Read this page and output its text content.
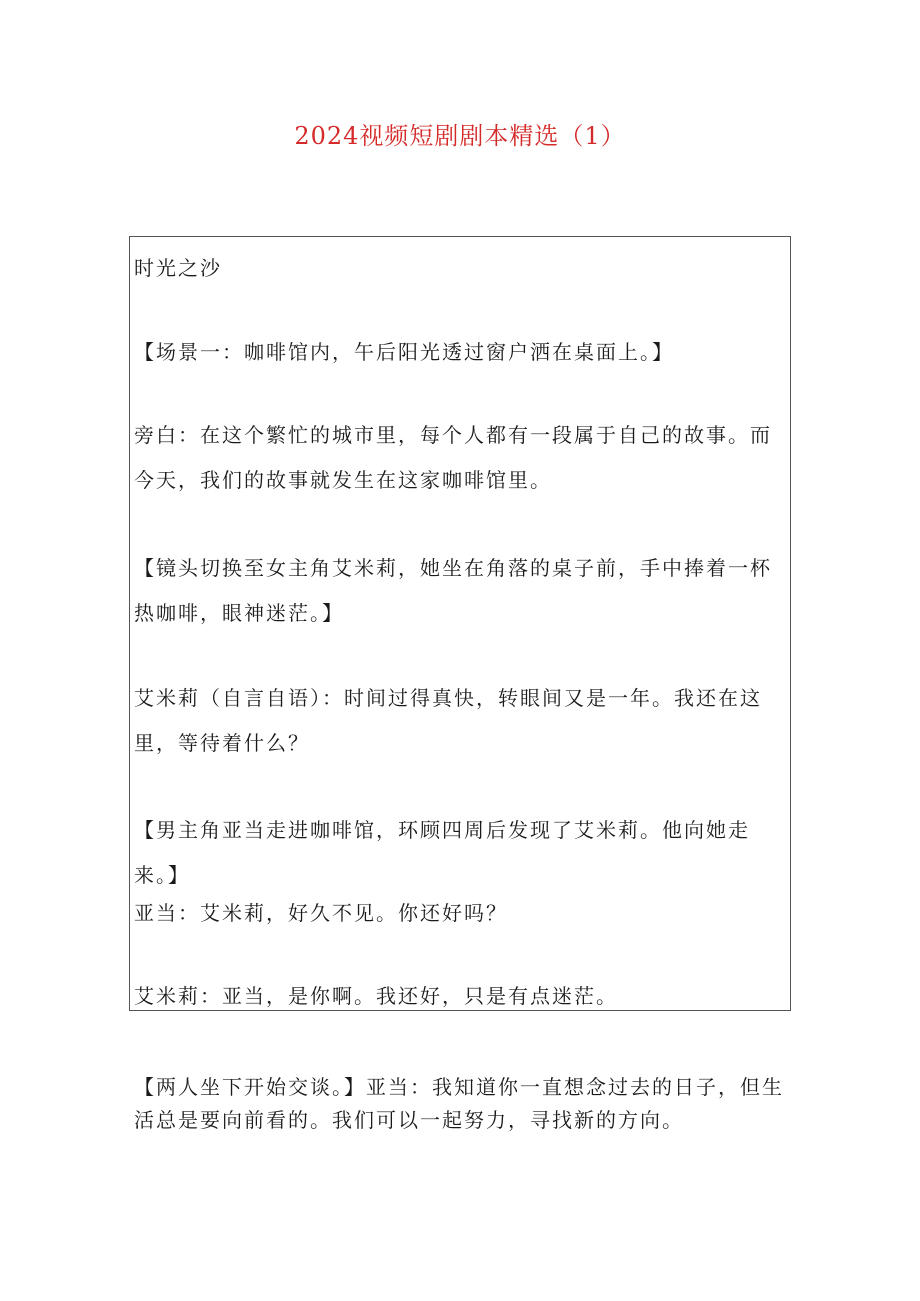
2024视频短剧剧本精选（1）
时光之沙
【场景一：咖啡馆内，午后阳光透过窗户洒在桌面上。】
旁白：在这个繁忙的城市里，每个人都有一段属于自己的故事。而今天，我们的故事就发生在这家咖啡馆里。
【镜头切换至女主角艾米莉，她坐在角落的桌子前，手中捧着一杯热咖啡，眼神迷茫。】
艾米莉（自言自语）：时间过得真快，转眼间又是一年。我还在这里，等待着什么？
【男主角亚当走进咖啡馆，环顾四周后发现了艾米莉。他向她走来。】
亚当：艾米莉，好久不见。你还好吗？
艾米莉：亚当，是你啊。我还好，只是有点迷茫。
【两人坐下开始交谈。】亚当：我知道你一直想念过去的日子，但生活总是要向前看的。我们可以一起努力，寻找新的方向。
